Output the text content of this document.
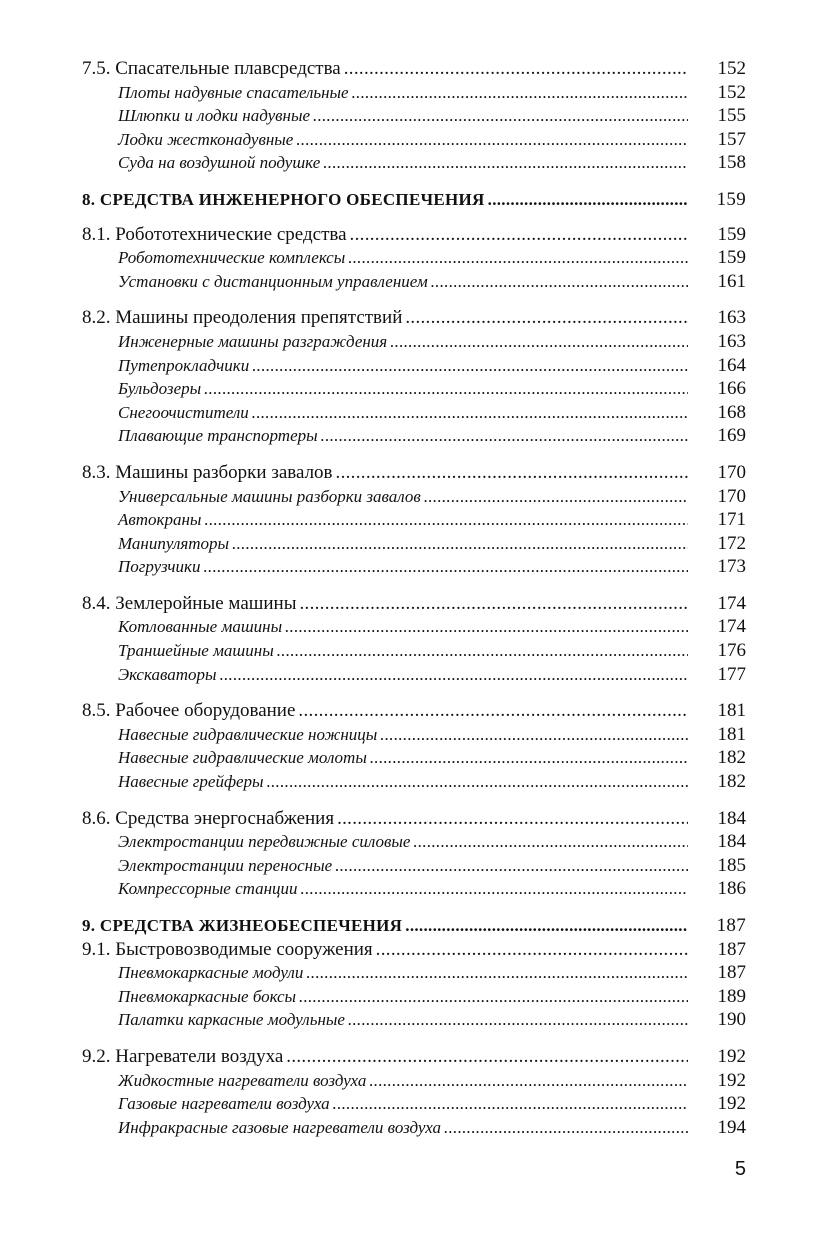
7.5. Спасательные плавсредства .....	152
Плоты надувные спасательные .....	152
Шлюпки и лодки надувные .....	155
Лодки жестконадувные .....	157
Суда на воздушной подушке .....	158
8. СРЕДСТВА ИНЖЕНЕРНОГО ОБЕСПЕЧЕНИЯ .....	159
8.1. Робототехнические средства .....	159
Робототехнические комплексы .....	159
Установки с дистанционным управлением .....	161
8.2. Машины преодоления препятствий .....	163
Инженерные машины разграждения .....	163
Путепрокладчики .....	164
Бульдозеры .....	166
Снегоочистители .....	168
Плавающие транспортеры .....	169
8.3. Машины разборки завалов .....	170
Универсальные машины разборки завалов .....	170
Автокраны .....	171
Манипуляторы .....	172
Погрузчики .....	173
8.4. Землеройные машины .....	174
Котлованные машины .....	174
Траншейные машины .....	176
Экскаваторы .....	177
8.5. Рабочее оборудование .....	181
Навесные гидравлические ножницы .....	181
Навесные гидравлические молоты .....	182
Навесные грейферы .....	182
8.6. Средства энергоснабжения .....	184
Электростанции передвижные силовые .....	184
Электростанции переносные .....	185
Компрессорные станции .....	186
9. СРЕДСТВА ЖИЗНЕОБЕСПЕЧЕНИЯ .....	187
9.1. Быстровозводимые сооружения .....	187
Пневмокаркасные модули .....	187
Пневмокаркасные боксы .....	189
Палатки каркасные модульные .....	190
9.2. Нагреватели воздуха .....	192
Жидкостные нагреватели воздуха .....	192
Газовые нагреватели воздуха .....	192
Инфракрасные газовые нагреватели воздуха .....	194
5
